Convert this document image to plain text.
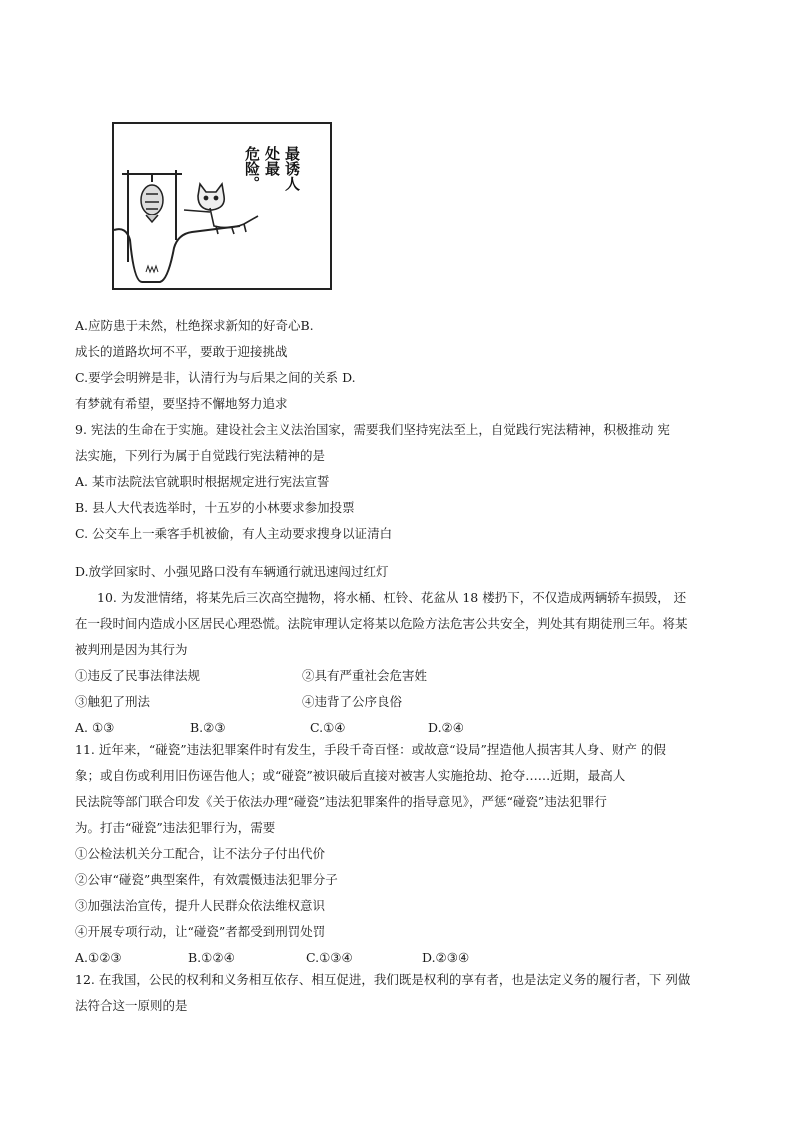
最诱人
处最
危险。
A.应防患于未然，杜绝探求新知的好奇心B.
成长的道路坎坷不平，要敢于迎接挑战
C.要学会明辨是非，认清行为与后果之间的关系 D.
有梦就有希望，要坚持不懈地努力追求
9. 宪法的生命在于实施。建设社会主义法治国家，需要我们坚持宪法至上，自觉践行宪法精神，积极推动 宪
法实施，下列行为属于自觉践行宪法精神的是
A. 某市法院法官就职时根据规定进行宪法宣誓
B. 县人大代表选举时，十五岁的小林要求参加投票
C. 公交车上一乘客手机被偷，有人主动要求搜身以证清白
D.放学回家时、小强见路口没有车辆通行就迅速闯过红灯
10. 为发泄情绪，将某先后三次高空抛物，将水桶、杠铃、花盆从 18 楼扔下，不仅造成两辆轿车损毁， 还
在一段时间内造成小区居民心理恐慌。法院审理认定将某以危险方法危害公共安全，判处其有期徒刑三年。将某
被判刑是因为其行为
①违反了民事法律法规	②具有严重社会危害姓
③触犯了刑法	④违背了公序良俗
A. ①③	B.②③	C.①④	D.②④
11. 近年来，“碰瓷”违法犯罪案件时有发生，手段千奇百怪：或故意“设局”捏造他人损害其人身、财产 的假
象；或自伤或利用旧伤诬告他人；或“碰瓷”被识破后直接对被害人实施抢劫、抢夺……近期，最高人
民法院等部门联合印发《关于依法办理“碰瓷”违法犯罪案件的指导意见》，严惩“碰瓷”违法犯罪行
为。打击“碰瓷”违法犯罪行为，需要
①公检法机关分工配合，让不法分子付出代价
②公审“碰瓷”典型案件，有效震慑违法犯罪分子
③加强法治宣传，提升人民群众依法维权意识
④开展专项行动，让“碰瓷”者都受到刑罚处罚
A.①②③	B.①②④	C.①③④	D.②③④
12. 在我国，公民的权利和义务相互依存、相互促进，我们既是权利的享有者，也是法定义务的履行者，下 列做
法符合这一原则的是
